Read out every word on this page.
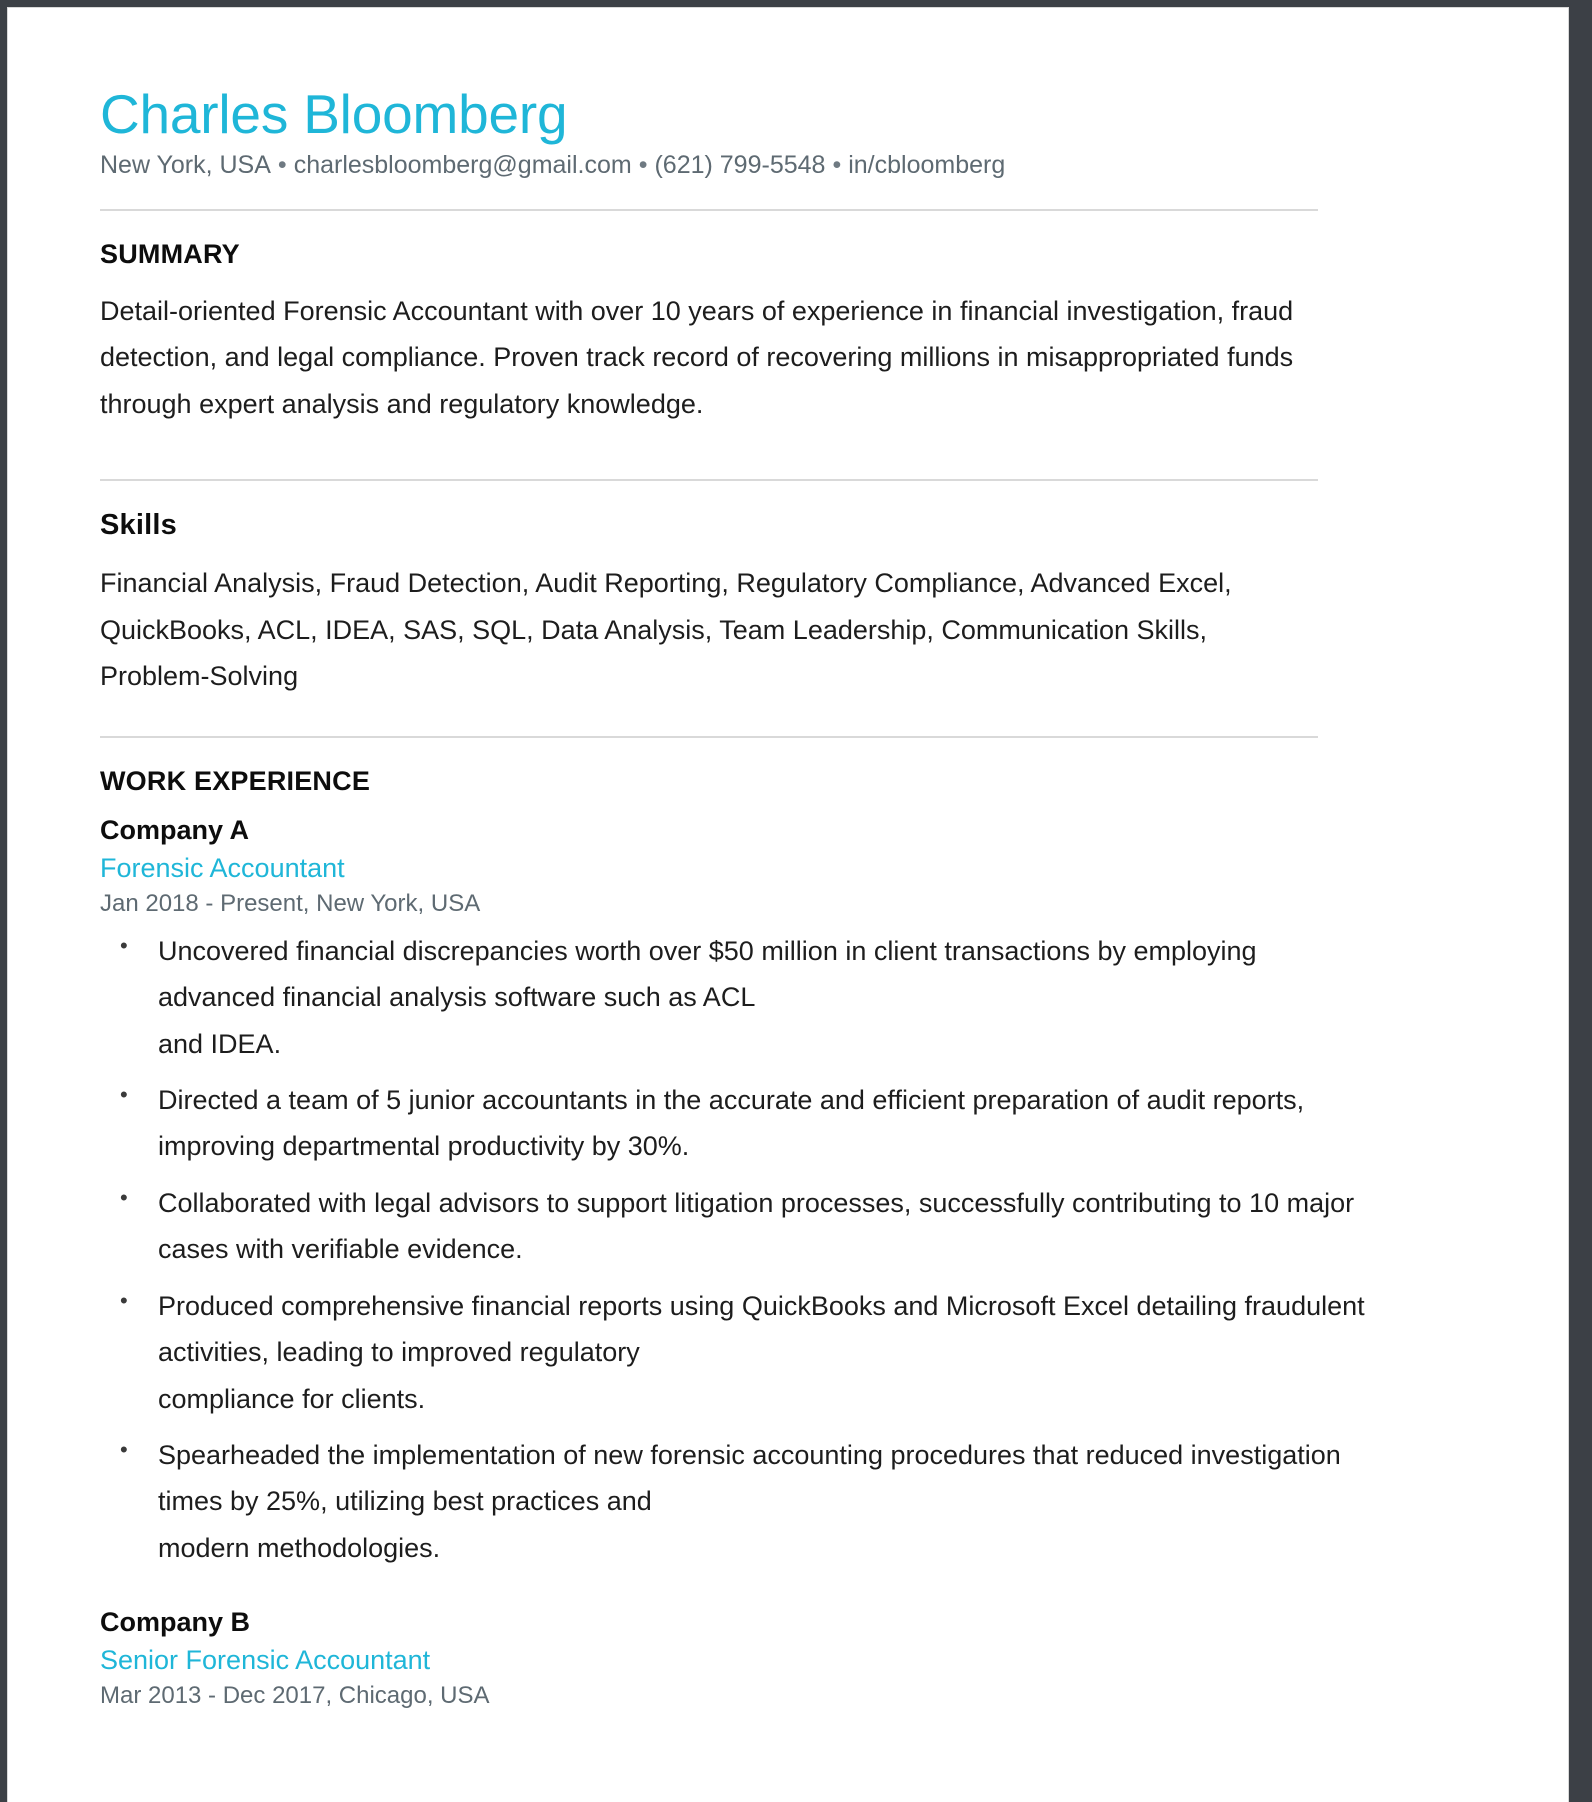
Charles Bloomberg
New York, USA • charlesbloomberg@gmail.com • (621) 799-5548 • in/cbloomberg
SUMMARY

Detail-oriented Forensic Accountant with over 10 years of experience in financial investigation, fraud detection, and legal compliance. Proven track record of recovering millions in misappropriated funds through expert analysis and regulatory knowledge.

Skills

Financial Analysis, Fraud Detection, Audit Reporting, Regulatory Compliance, Advanced Excel, QuickBooks, ACL, IDEA, SAS, SQL, Data Analysis, Team Leadership, Communication Skills, Problem-Solving

WORK EXPERIENCE
Company A
Forensic Accountant
Jan 2018 - Present, New York, USA
• Uncovered financial discrepancies worth over $50 million in client transactions by employing advanced financial analysis software such as ACL
and IDEA.
• Directed a team of 5 junior accountants in the accurate and efficient preparation of audit reports, improving departmental productivity by 30%.
• Collaborated with legal advisors to support litigation processes, successfully contributing to 10 major cases with verifiable evidence.
• Produced comprehensive financial reports using QuickBooks and Microsoft Excel detailing fraudulent activities, leading to improved regulatory
compliance for clients.
• Spearheaded the implementation of new forensic accounting procedures that reduced investigation times by 25%, utilizing best practices and
modern methodologies.
Company B
Senior Forensic Accountant
Mar 2013 - Dec 2017, Chicago, USA
